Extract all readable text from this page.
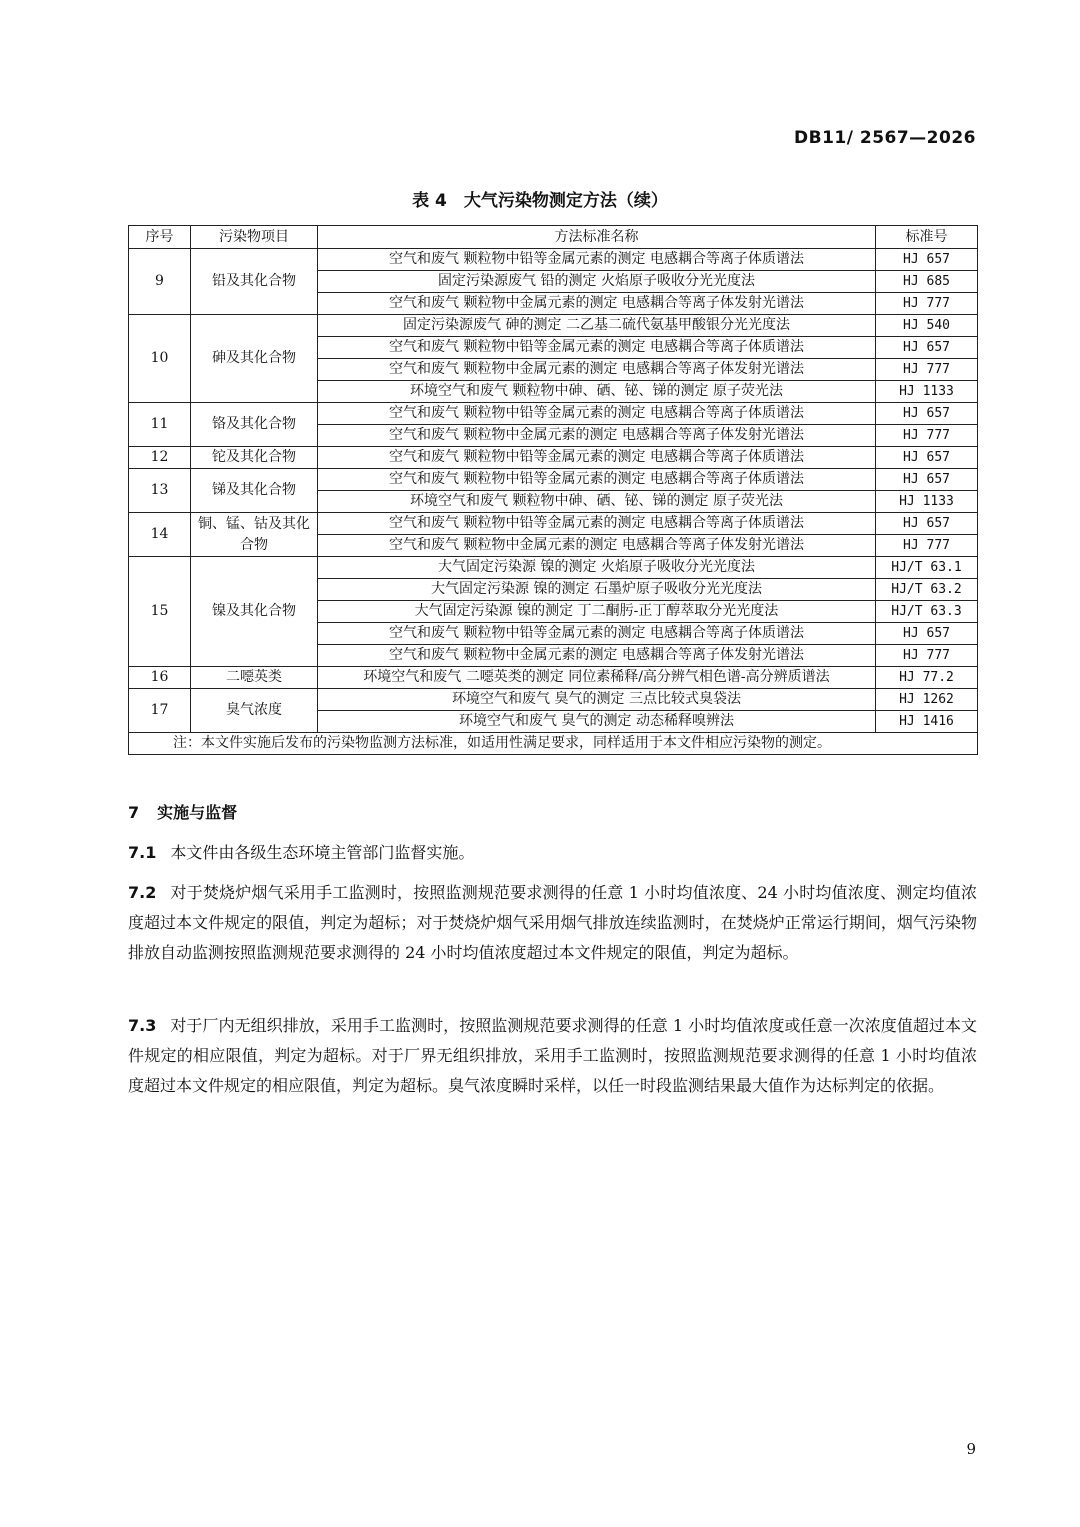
DB11/ 2567—2026
表 4　大气污染物测定方法（续）
序号	污染物项目	方法标准名称	标准号
9	铅及其化合物	空气和废气 颗粒物中铅等金属元素的测定 电感耦合等离子体质谱法	HJ 657
		固定污染源废气 铅的测定 火焰原子吸收分光光度法	HJ 685
		空气和废气 颗粒物中金属元素的测定 电感耦合等离子体发射光谱法	HJ 777
10	砷及其化合物	固定污染源废气 砷的测定 二乙基二硫代氨基甲酸银分光光度法	HJ 540
		空气和废气 颗粒物中铅等金属元素的测定 电感耦合等离子体质谱法	HJ 657
		空气和废气 颗粒物中金属元素的测定 电感耦合等离子体发射光谱法	HJ 777
		环境空气和废气 颗粒物中砷、硒、铋、锑的测定 原子荧光法	HJ 1133
11	铬及其化合物	空气和废气 颗粒物中铅等金属元素的测定 电感耦合等离子体质谱法	HJ 657
		空气和废气 颗粒物中金属元素的测定 电感耦合等离子体发射光谱法	HJ 777
12	铊及其化合物	空气和废气 颗粒物中铅等金属元素的测定 电感耦合等离子体质谱法	HJ 657
13	锑及其化合物	空气和废气 颗粒物中铅等金属元素的测定 电感耦合等离子体质谱法	HJ 657
		环境空气和废气 颗粒物中砷、硒、铋、锑的测定 原子荧光法	HJ 1133
14	铜、锰、钴及其化合物	空气和废气 颗粒物中铅等金属元素的测定 电感耦合等离子体质谱法	HJ 657
		空气和废气 颗粒物中金属元素的测定 电感耦合等离子体发射光谱法	HJ 777
15	镍及其化合物	大气固定污染源 镍的测定 火焰原子吸收分光光度法	HJ/T 63.1
		大气固定污染源 镍的测定 石墨炉原子吸收分光光度法	HJ/T 63.2
		大气固定污染源 镍的测定 丁二酮肟-正丁醇萃取分光光度法	HJ/T 63.3
		空气和废气 颗粒物中铅等金属元素的测定 电感耦合等离子体质谱法	HJ 657
		空气和废气 颗粒物中金属元素的测定 电感耦合等离子体发射光谱法	HJ 777
16	二噁英类	环境空气和废气 二噁英类的测定 同位素稀释/高分辨气相色谱-高分辨质谱法	HJ 77.2
17	臭气浓度	环境空气和废气 臭气的测定 三点比较式臭袋法	HJ 1262
		环境空气和废气 臭气的测定 动态稀释嗅辨法	HJ 1416
注：本文件实施后发布的污染物监测方法标准，如适用性满足要求，同样适用于本文件相应污染物的测定。			
7 实施与监督

7.1 本文件由各级生态环境主管部门监督实施。

7.2 对于焚烧炉烟气采用手工监测时，按照监测规范要求测得的任意 1 小时均值浓度、24 小时均值浓度、测定均值浓度超过本文件规定的限值，判定为超标；对于焚烧炉烟气采用烟气排放连续监测时，在焚烧炉正常运行期间，烟气污染物排放自动监测按照监测规范要求测得的 24 小时均值浓度超过本文件规定的限值，判定为超标。

7.3 对于厂内无组织排放，采用手工监测时，按照监测规范要求测得的任意 1 小时均值浓度或任意一次浓度值超过本文件规定的相应限值，判定为超标。对于厂界无组织排放，采用手工监测时，按照监测规范要求测得的任意 1 小时均值浓度超过本文件规定的相应限值，判定为超标。臭气浓度瞬时采样，以任一时段监测结果最大值作为达标判定的依据。

9
